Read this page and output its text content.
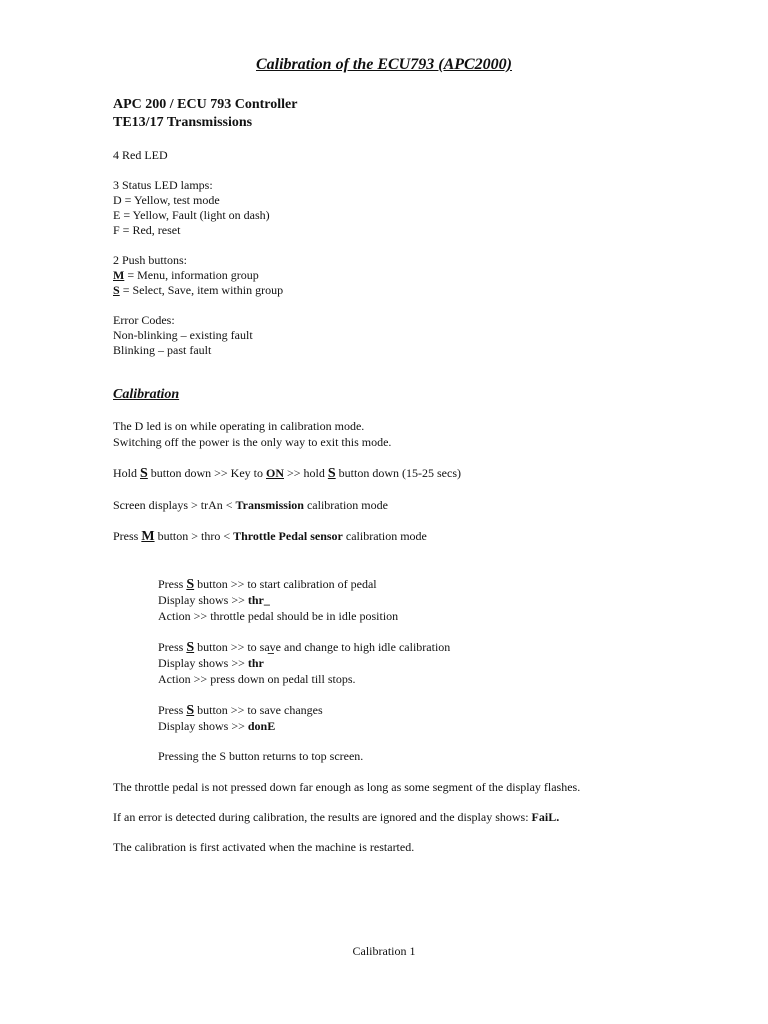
Calibration of the ECU793 (APC2000)

APC 200 / ECU 793 Controller

TE13/17 Transmissions

4 Red LED

3 Status LED lamps:

D = Yellow, test mode

E = Yellow, Fault (light on dash)

F = Red, reset

2 Push buttons:

M = Menu, information group

S = Select, Save, item within group

Error Codes:

Non-blinking – existing fault

Blinking – past fault

Calibration

The D led is on while operating in calibration mode.

Switching off the power is the only way to exit this mode.

Hold S button down >> Key to ON >> hold S button down (15-25 secs)

Screen displays > trAn < Transmission calibration mode

Press M button > thro < Throttle Pedal sensor calibration mode

Press S button >> to start calibration of pedal

Display shows >> thr_

Action >> throttle pedal should be in idle position

Press S button >> to save and change to high idle calibration

Display shows >> thr ¯

Action >> press down on pedal till stops.

Press S button >> to save changes

Display shows >> donE

Pressing the S button returns to top screen.

The throttle pedal is not pressed down far enough as long as some segment of the display flashes.

If an error is detected during calibration, the results are ignored and the display shows: FaiL.

The calibration is first activated when the machine is restarted.

Calibration 1
